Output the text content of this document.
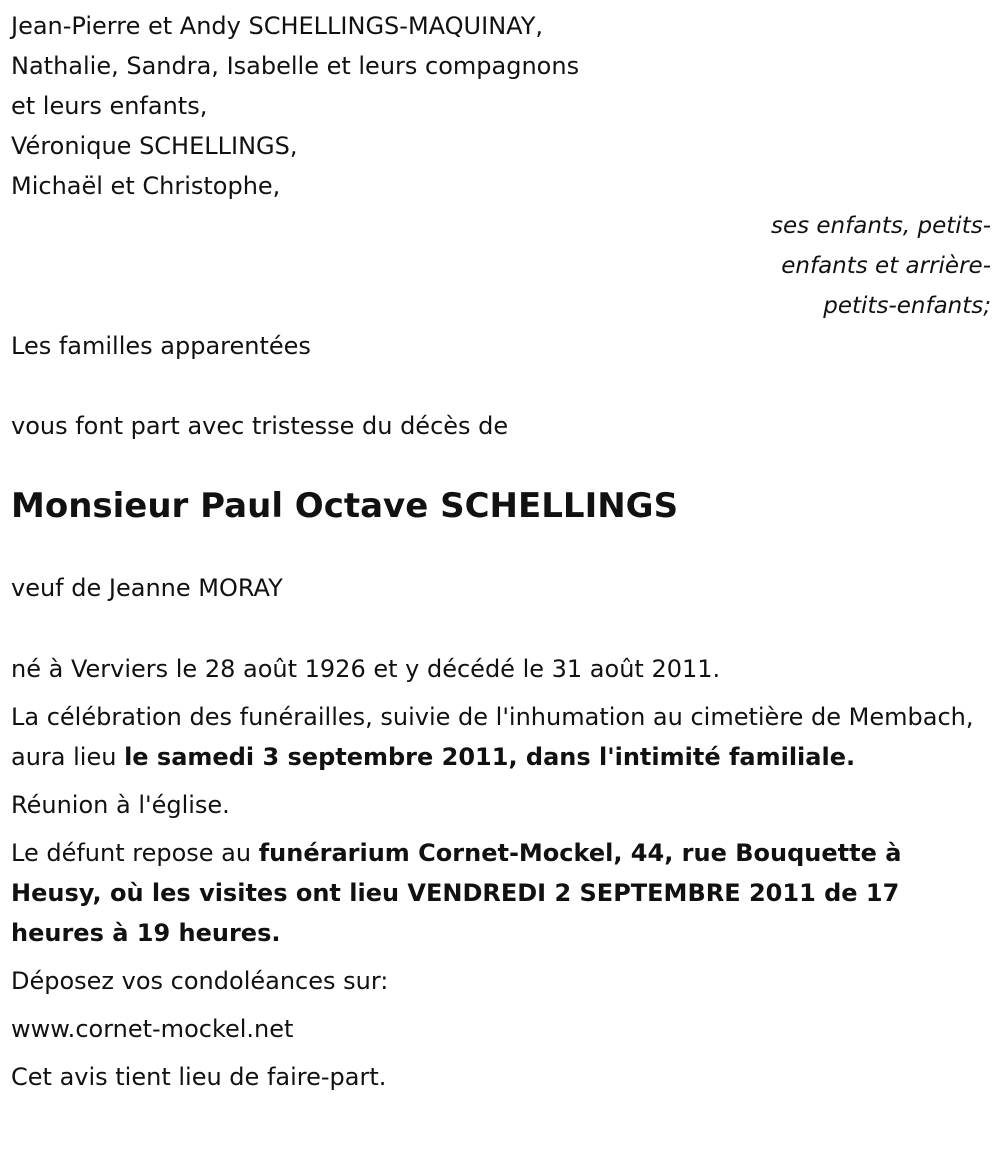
Jean-Pierre et Andy SCHELLINGS-MAQUINAY,

Nathalie, Sandra, Isabelle et leurs compagnons

et leurs enfants,

Véronique SCHELLINGS,

Michaël et Christophe,

ses enfants, petits-

enfants et arrière-

petits-enfants;

Les familles apparentées

vous font part avec tristesse du décès de

Monsieur Paul Octave SCHELLINGS

veuf de Jeanne MORAY

né à Verviers le 28 août 1926 et y décédé le 31 août 2011.

La célébration des funérailles, suivie de l'inhumation au cimetière de Membach, aura lieu le samedi 3 septembre 2011, dans l'intimité familiale.

Réunion à l'église.

Le défunt repose au funérarium Cornet-Mockel, 44, rue Bouquette à Heusy, où les visites ont lieu VENDREDI 2 SEPTEMBRE 2011 de 17 heures à 19 heures.

Déposez vos condoléances sur:

www.cornet-mockel.net

Cet avis tient lieu de faire-part.
